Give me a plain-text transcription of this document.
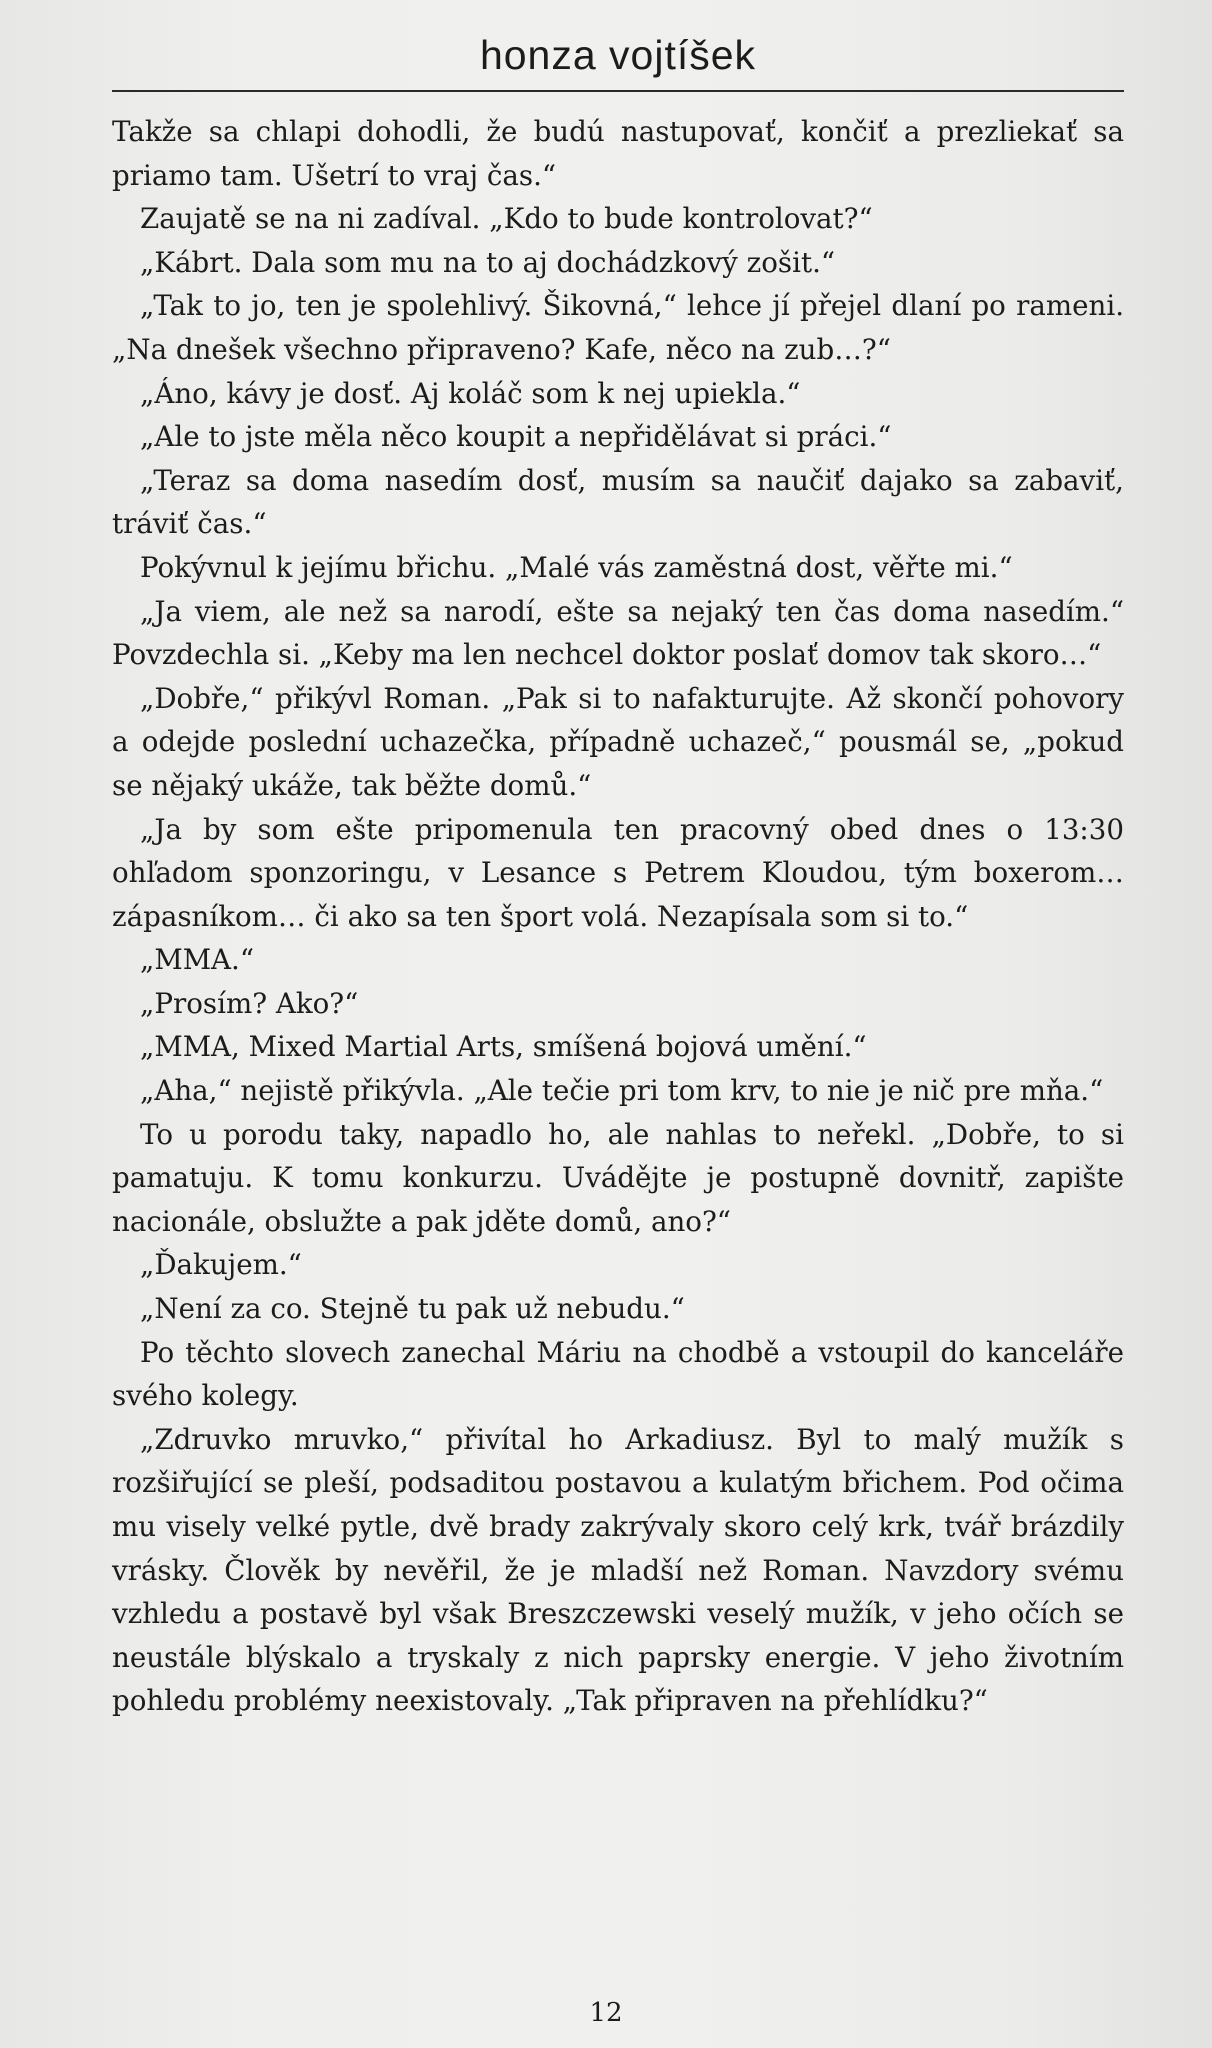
honza vojtíšek

Takže sa chlapi dohodli, že budú nastupovať, končiť a prezliekať sa priamo tam. Ušetrí to vraj čas.“

Zaujatě se na ni zadíval. „Kdo to bude kontrolovat?“

„Kábrt. Dala som mu na to aj dochádzkový zošit.“

„Tak to jo, ten je spolehlivý. Šikovná,“ lehce jí přejel dlaní po rameni. „Na dnešek všechno připraveno? Kafe, něco na zub…?“

„Áno, kávy je dosť. Aj koláč som k nej upiekla.“

„Ale to jste měla něco koupit a nepřidělávat si práci.“

„Teraz sa doma nasedím dosť, musím sa naučiť dajako sa zabaviť, tráviť čas.“

Pokývnul k jejímu břichu. „Malé vás zaměstná dost, věřte mi.“

„Ja viem, ale než sa narodí, ešte sa nejaký ten čas doma nasedím.“ Povzdechla si. „Keby ma len nechcel doktor poslať domov tak skoro…“

„Dobře,“ přikývl Roman. „Pak si to nafakturujte. Až skončí pohovory a odejde poslední uchazečka, případně uchazeč,“ pousmál se, „pokud se nějaký ukáže, tak běžte domů.“

„Ja by som ešte pripomenula ten pracovný obed dnes o 13:30 ohľadom sponzoringu, v Lesance s Petrem Kloudou, tým boxerom… zápasníkom… či ako sa ten šport volá. Nezapísala som si to.“

„MMA.“

„Prosím? Ako?“

„MMA, Mixed Martial Arts, smíšená bojová umění.“

„Aha,“ nejistě přikývla. „Ale tečie pri tom krv, to nie je nič pre mňa.“

To u porodu taky, napadlo ho, ale nahlas to neřekl. „Dobře, to si pamatuju. K tomu konkurzu. Uvádějte je postupně dovnitř, zapište nacionále, obslužte a pak jděte domů, ano?“

„Ďakujem.“

„Není za co. Stejně tu pak už nebudu.“

Po těchto slovech zanechal Máriu na chodbě a vstoupil do kanceláře svého kolegy.

„Zdruvko mruvko,“ přivítal ho Arkadiusz. Byl to malý mužík s rozšiřující se pleší, podsaditou postavou a kulatým břichem. Pod očima mu visely velké pytle, dvě brady zakrývaly skoro celý krk, tvář brázdily vrásky. Člověk by nevěřil, že je mladší než Roman. Navzdory svému vzhledu a postavě byl však Breszczewski veselý mužík, v jeho očích se neustále blýskalo a tryskaly z nich paprsky energie. V jeho životním pohledu problémy neexistovaly. „Tak připraven na přehlídku?“

12
